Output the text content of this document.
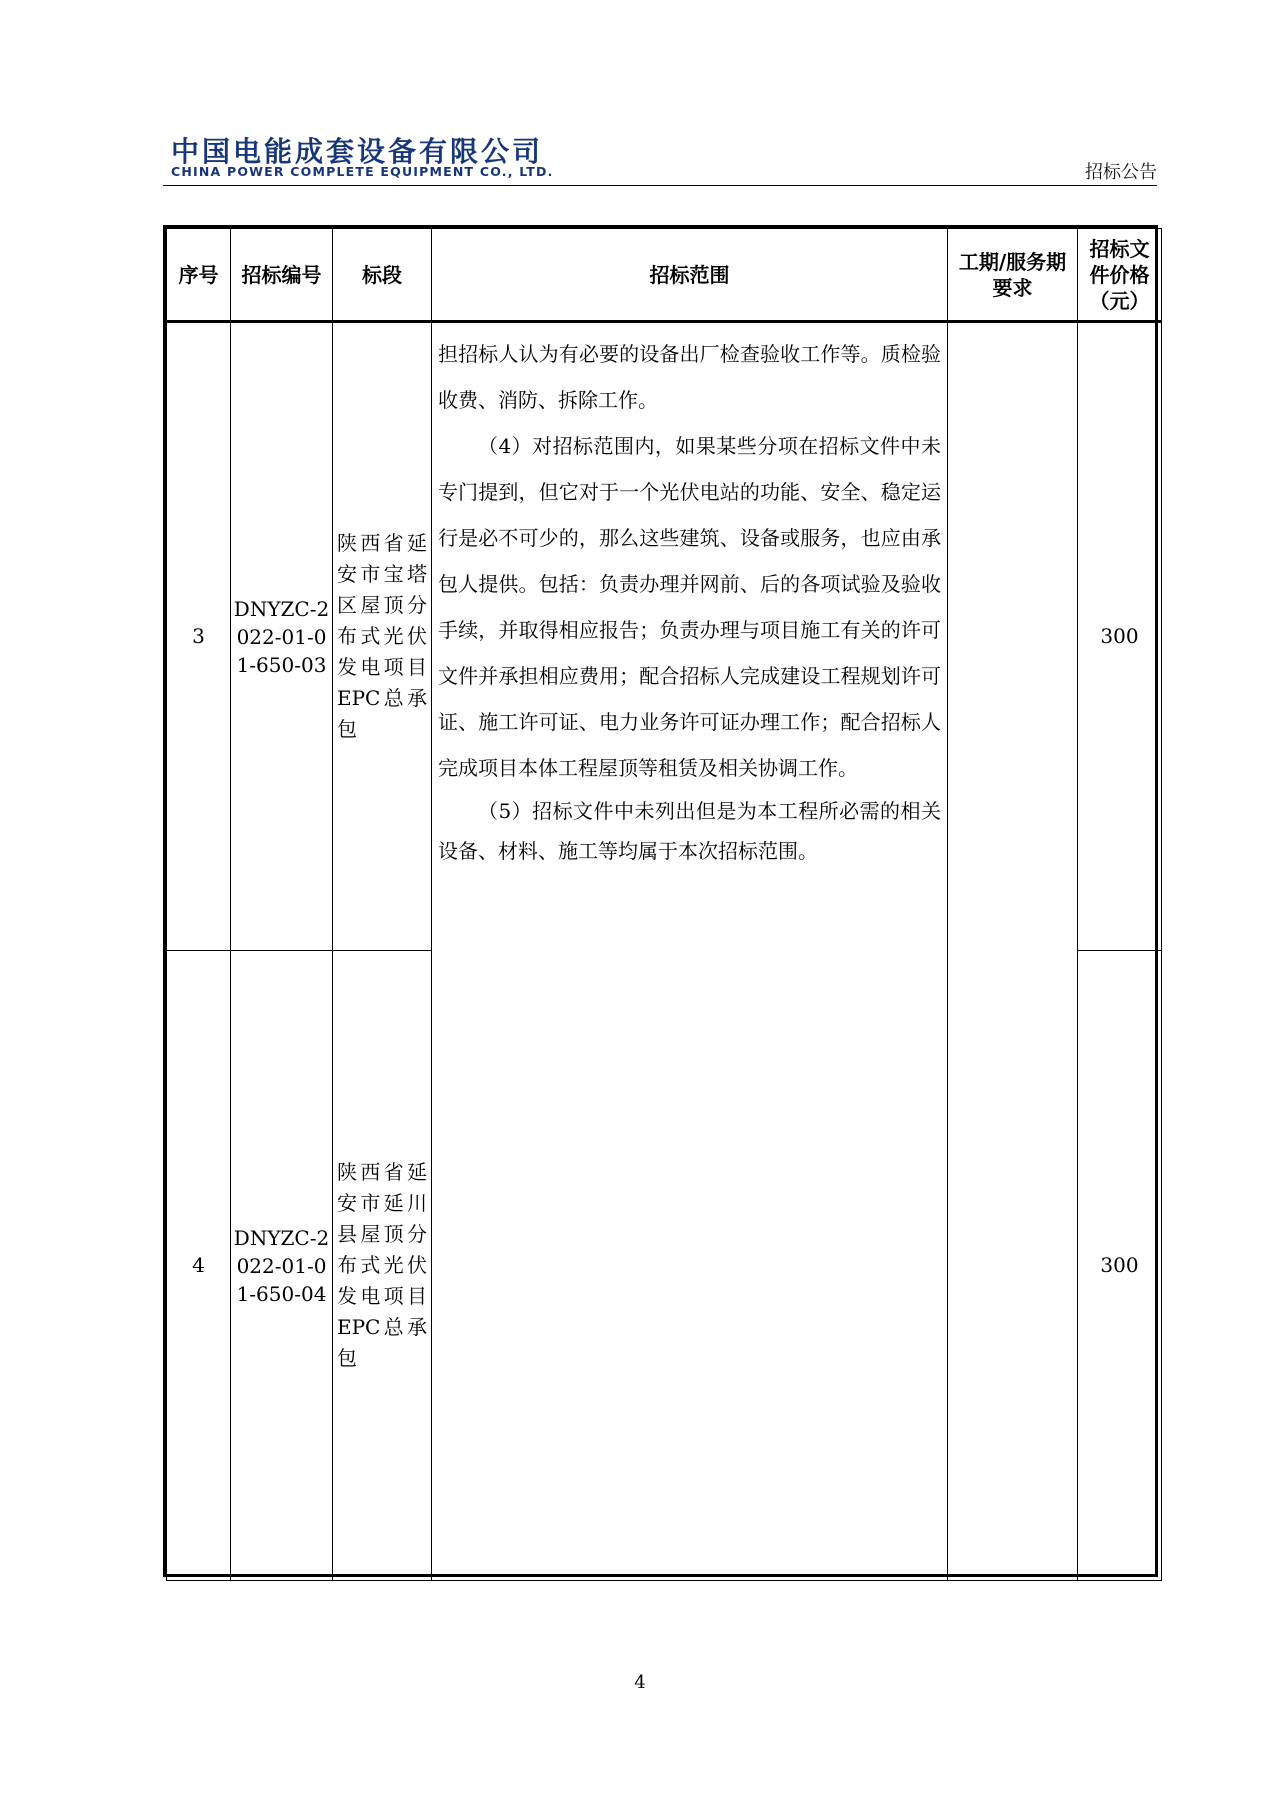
中国电能成套设备有限公司
CHINA POWER COMPLETE EQUIPMENT CO., LTD.	招标公告
序号	招标编号	标段	招标范围	工期/服务期要求	招标文件价格（元）
3	DNYZC-2022-01-01-650-03	陕西省延安市宝塔区屋顶分布式光伏发电项目EPC总承包	担招标人认为有必要的设备出厂检查验收工作等。质检验收费、消防、拆除工作。

（4）对招标范围内，如果某些分项在招标文件中未专门提到，但它对于一个光伏电站的功能、安全、稳定运行是必不可少的，那么这些建筑、设备或服务，也应由承包人提供。包括：负责办理并网前、后的各项试验及验收手续，并取得相应报告；负责办理与项目施工有关的许可文件并承担相应费用；配合招标人完成建设工程规划许可证、施工许可证、电力业务许可证办理工作；配合招标人完成项目本体工程屋顶等租赁及相关协调工作。

（5）招标文件中未列出但是为本工程所必需的相关设备、材料、施工等均属于本次招标范围。		300
4	DNYZC-2022-01-01-650-04	陕西省延安市延川县屋顶分布式光伏发电项目EPC总承包			300
4
